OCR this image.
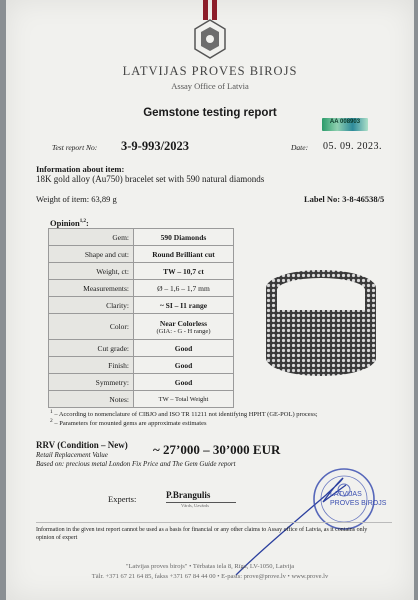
LATVIJAS PROVES BIROJS
Assay Office of Latvia
Gemstone testing report
AA 008903
Test report No: 3-9-993/2023	Date: 05. 09. 2023.
Information about item:
18K gold alloy (Au750) bracelet set with 590 natural diamonds
Weight of item: 63,89 g	Label No: 3-8-46538/5
Opinion$^{1,2}$:
Gem:	590 Diamonds
Shape and cut:	Round Brilliant cut
Weight, ct:	TW – 10,7 ct
Measurements:	Ø – 1,6 – 1,7 mm
Clarity:	~ SI – I1 range
Color:	Near Colorless
(GIA: - G - H range)

Cut grade:	Good
Finish:	Good
Symmetry:	Good
Notes:	TW – Total Weight
$^1$ – According to nomenclature of CIBJO and ISO TR 11211 not identifying HPHT (GE-POL) process;
$^2$ – Parameters for mounted gems are approximate estimates
RRV (Condition – New)
Retail Replacement Value	~ 27’000 – 30’000 EUR
Based on: precious metal London Fix Price and The Gem Guide report
Experts:	P.Brangulis
Vārds, Uzvārds
LATVIJAS
PROVES BIROJS
Information in the given test report cannot be used as a basis for financial or any other claims to Assay office of Latvia, as it contains only opinion of expert
"Latvijas proves birojs" • Tērbatas iela 8, Rīga, LV-1050, Latvija
Tālr. +371 67 21 64 85, fakss +371 67 84 44 00 • E-pasts: prove@prove.lv • www.prove.lv
